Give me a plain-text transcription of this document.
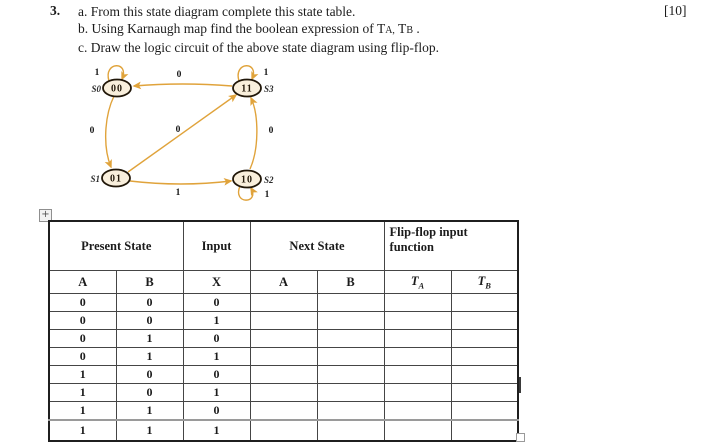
3. a. From this state diagram complete this state table.
b. Using Karnaugh map find the boolean expression of TA, TB .
c. Draw the logic circuit of the above state diagram using flip-flop.
[10]
00	11
01	10
S0	S3
S1	S2
0
0	0
1
0
1	1
1
+
Present State		Input	Next State		Flip-flop input function	
A	B	X	A	B	$T_A$	$T_B$
0	0	0				
0	0	1				
0	1	0				
0	1	1				
1	0	0				
1	0	1				
1	1	0				
1	1	1				
